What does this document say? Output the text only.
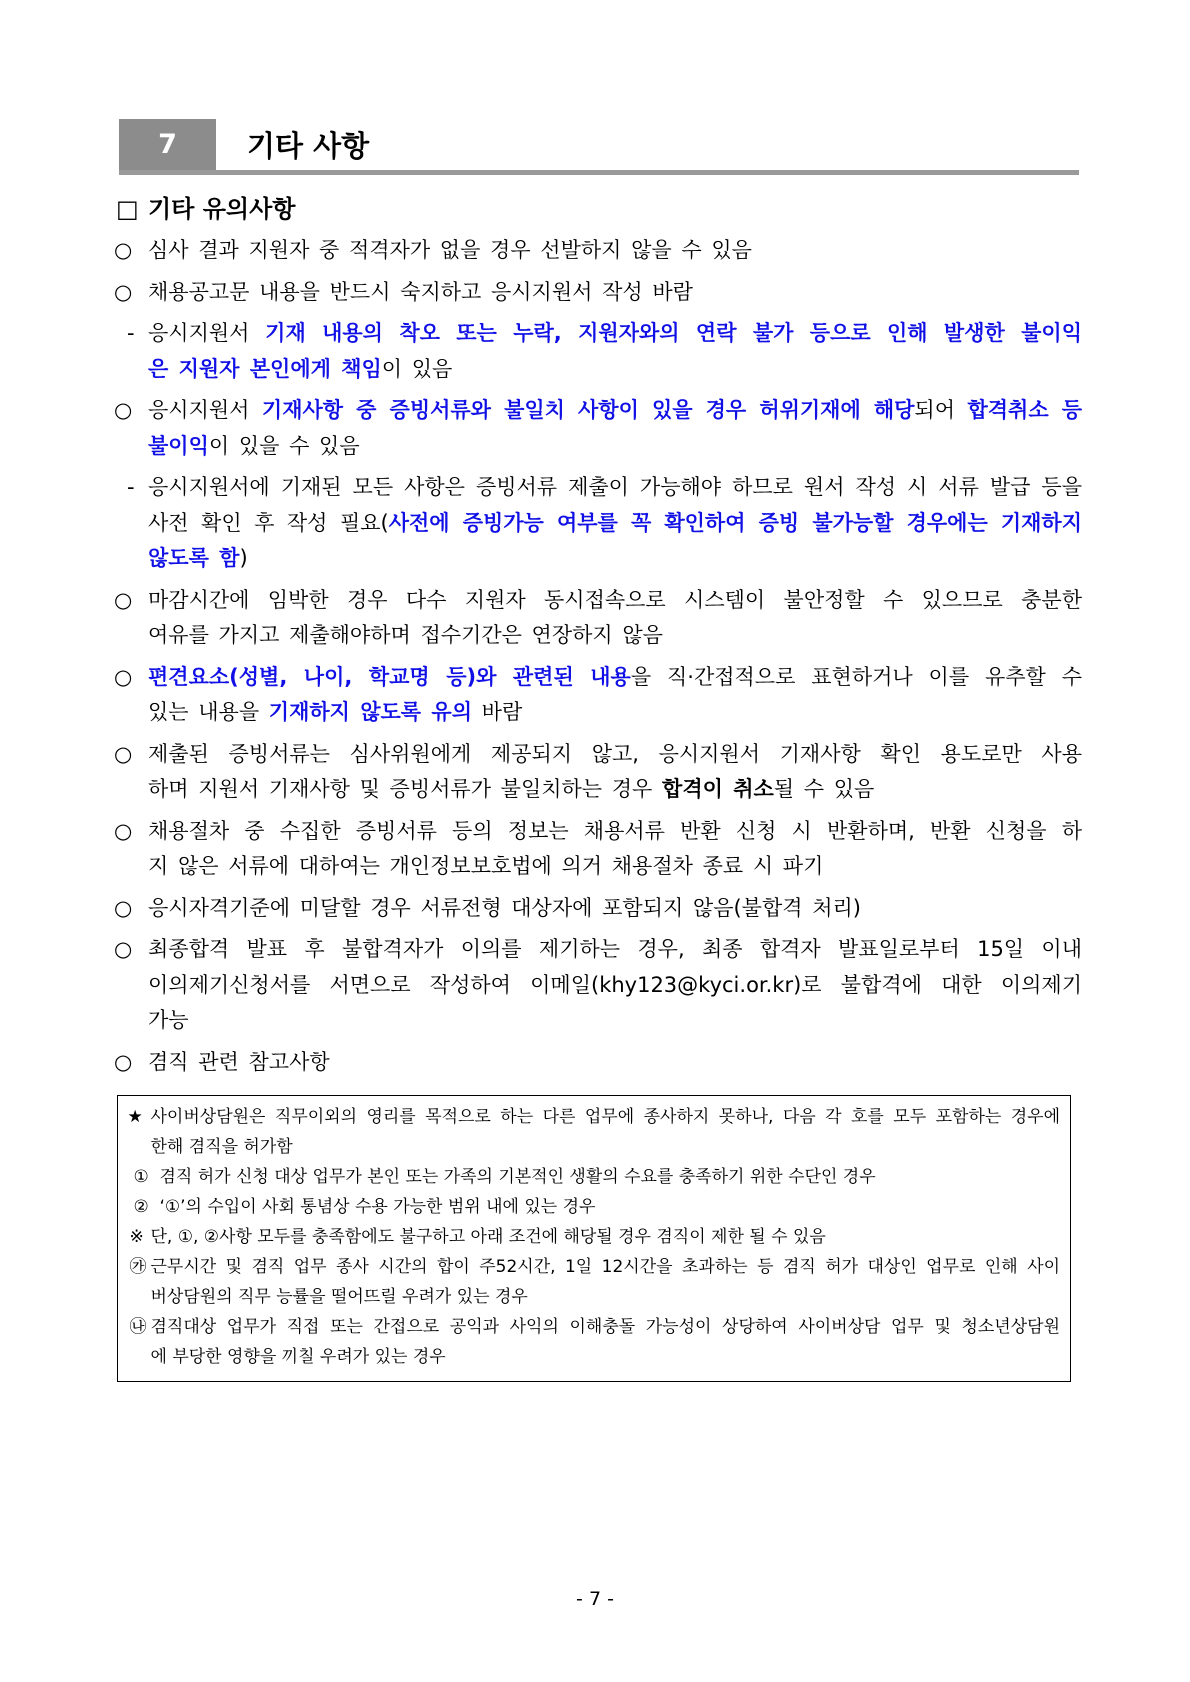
7	기타 사항
□ 기타 유의사항
○ 심사 결과 지원자 중 적격자가 없을 경우 선발하지 않을 수 있음
○ 채용공고문 내용을 반드시 숙지하고 응시지원서 작성 바람
- 응시지원서 기재 내용의 착오 또는 누락, 지원자와의 연락 불가 등으로 인해 발생한 불이익
은 지원자 본인에게 책임이 있음
○ 응시지원서 기재사항 중 증빙서류와 불일치 사항이 있을 경우 허위기재에 해당되어 합격취소 등
불이익이 있을 수 있음
- 응시지원서에 기재된 모든 사항은 증빙서류 제출이 가능해야 하므로 원서 작성 시 서류 발급 등을
사전 확인 후 작성 필요(사전에 증빙가능 여부를 꼭 확인하여 증빙 불가능할 경우에는 기재하지
않도록 함)
○ 마감시간에 임박한 경우 다수 지원자 동시접속으로 시스템이 불안정할 수 있으므로 충분한
여유를 가지고 제출해야하며 접수기간은 연장하지 않음
○ 편견요소(성별, 나이, 학교명 등)와 관련된 내용을 직·간접적으로 표현하거나 이를 유추할 수
있는 내용을 기재하지 않도록 유의 바람
○ 제출된 증빙서류는 심사위원에게 제공되지 않고, 응시지원서 기재사항 확인 용도로만 사용
하며 지원서 기재사항 및 증빙서류가 불일치하는 경우 합격이 취소될 수 있음
○ 채용절차 중 수집한 증빙서류 등의 정보는 채용서류 반환 신청 시 반환하며, 반환 신청을 하
지 않은 서류에 대하여는 개인정보보호법에 의거 채용절차 종료 시 파기
○ 응시자격기준에 미달할 경우 서류전형 대상자에 포함되지 않음(불합격 처리)
○ 최종합격 발표 후 불합격자가 이의를 제기하는 경우, 최종 합격자 발표일로부터 15일 이내
이의제기신청서를 서면으로 작성하여 이메일(khy123@kyci.or.kr)로 불합격에 대한 이의제기
가능
○ 겸직 관련 참고사항
★ 사이버상담원은 직무이외의 영리를 목적으로 하는 다른 업무에 종사하지 못하나, 다음 각 호를 모두 포함하는 경우에
한해 겸직을 허가함
① 겸직 허가 신청 대상 업무가 본인 또는 가족의 기본적인 생활의 수요를 충족하기 위한 수단인 경우
② ‘①’의 수입이 사회 통념상 수용 가능한 범위 내에 있는 경우
※ 단, ①, ②사항 모두를 충족함에도 불구하고 아래 조건에 해당될 경우 겸직이 제한 될 수 있음
㉮ 근무시간 및 겸직 업무 종사 시간의 합이 주52시간, 1일 12시간을 초과하는 등 겸직 허가 대상인 업무로 인해 사이
버상담원의 직무 능률을 떨어뜨릴 우려가 있는 경우
㉯ 겸직대상 업무가 직접 또는 간접으로 공익과 사익의 이해충돌 가능성이 상당하여 사이버상담 업무 및 청소년상담원
에 부당한 영향을 끼칠 우려가 있는 경우
- 7 -
